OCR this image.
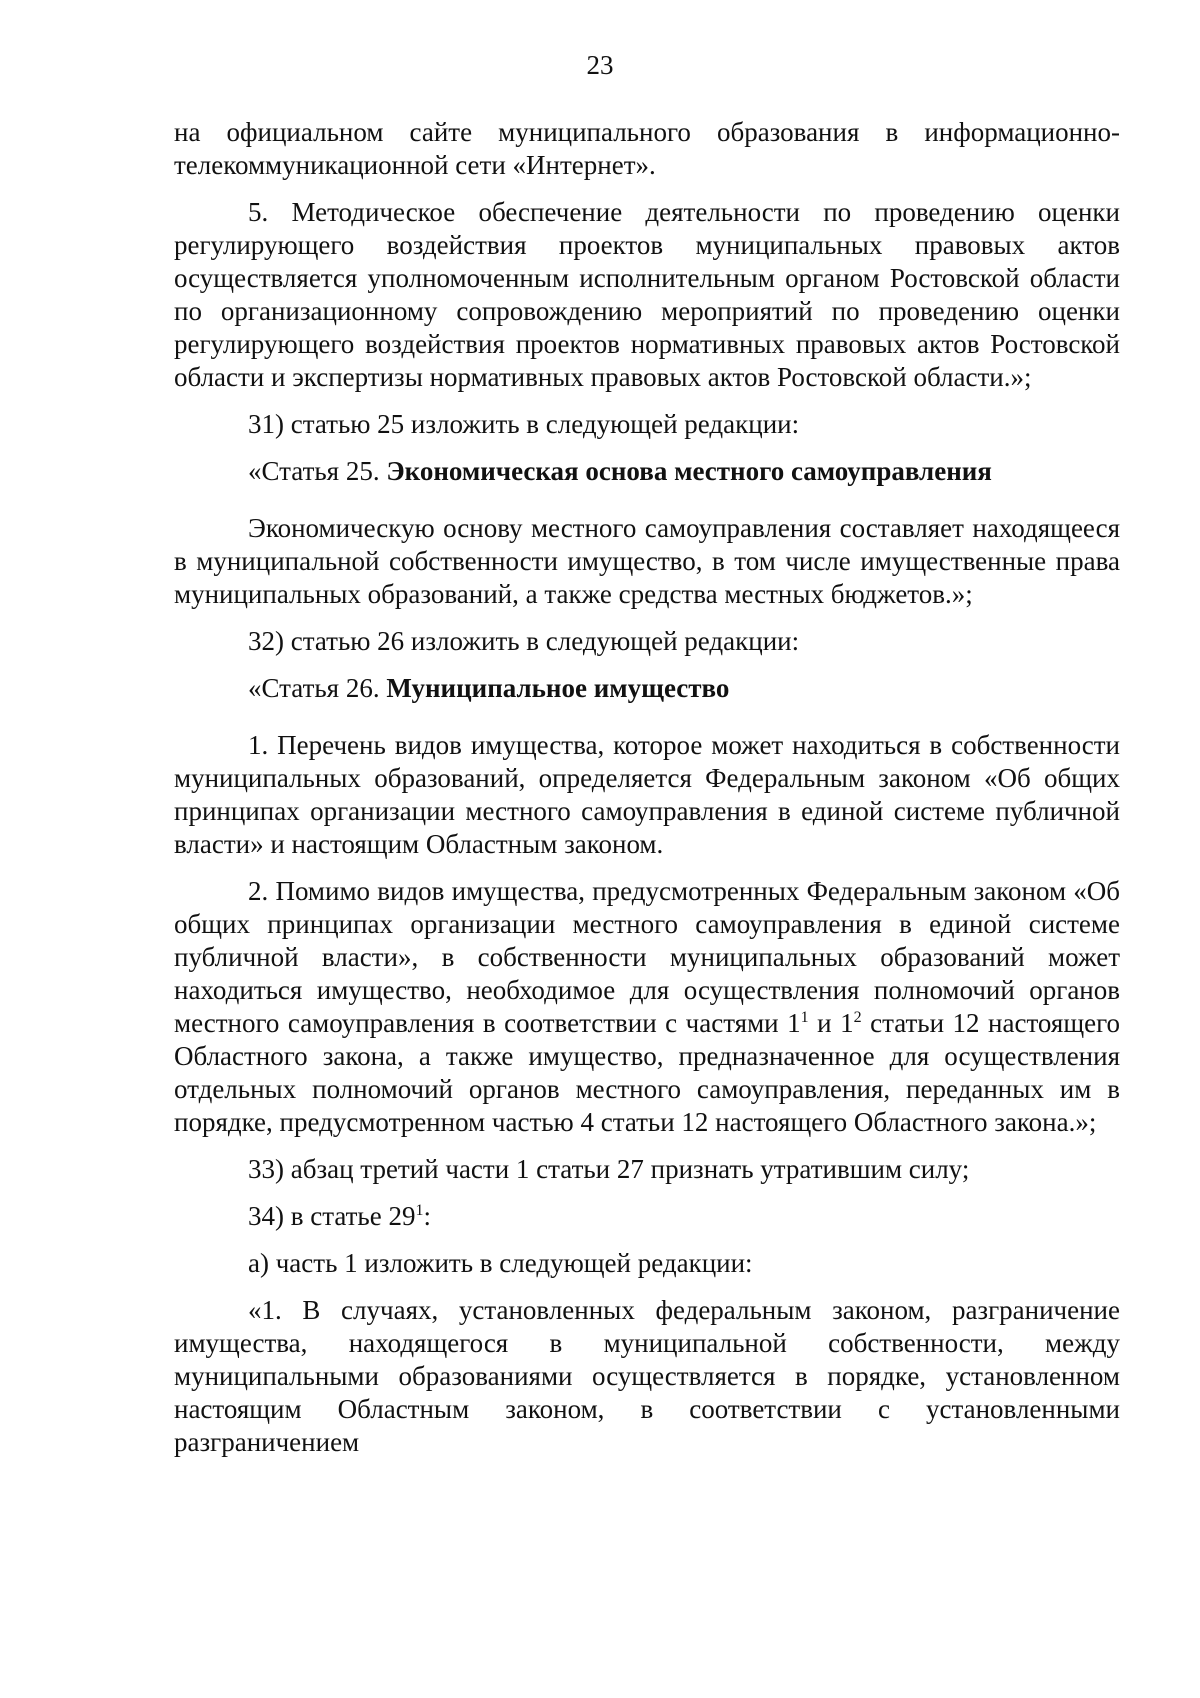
23

на официальном сайте муниципального образования в информационно-телекоммуникационной сети «Интернет».

5. Методическое обеспечение деятельности по проведению оценки регулирующего воздействия проектов муниципальных правовых актов осуществляется уполномоченным исполнительным органом Ростовской области по организационному сопровождению мероприятий по проведению оценки регулирующего воздействия проектов нормативных правовых актов Ростовской области и экспертизы нормативных правовых актов Ростовской области.»;

31) статью 25 изложить в следующей редакции:

«Статья 25. Экономическая основа местного самоуправления

Экономическую основу местного самоуправления составляет находящееся в муниципальной собственности имущество, в том числе имущественные права муниципальных образований, а также средства местных бюджетов.»;

32) статью 26 изложить в следующей редакции:

«Статья 26. Муниципальное имущество

1. Перечень видов имущества, которое может находиться в собственности муниципальных образований, определяется Федеральным законом «Об общих принципах организации местного самоуправления в единой системе публичной власти» и настоящим Областным законом.

2. Помимо видов имущества, предусмотренных Федеральным законом «Об общих принципах организации местного самоуправления в единой системе публичной власти», в собственности муниципальных образований может находиться имущество, необходимое для осуществления полномочий органов местного самоуправления в соответствии с частями $1^1$ и $1^2$ статьи 12 настоящего Областного закона, а также имущество, предназначенное для осуществления отдельных полномочий органов местного самоуправления, переданных им в порядке, предусмотренном частью 4 статьи 12 настоящего Областного закона.»;

33) абзац третий части 1 статьи 27 признать утратившим силу;

34) в статье $29^1$:

а) часть 1 изложить в следующей редакции:

«1. В случаях, установленных федеральным законом, разграничение имущества, находящегося в муниципальной собственности, между муниципальными образованиями осуществляется в порядке, установленном настоящим Областным законом, в соответствии с установленными разграничением
